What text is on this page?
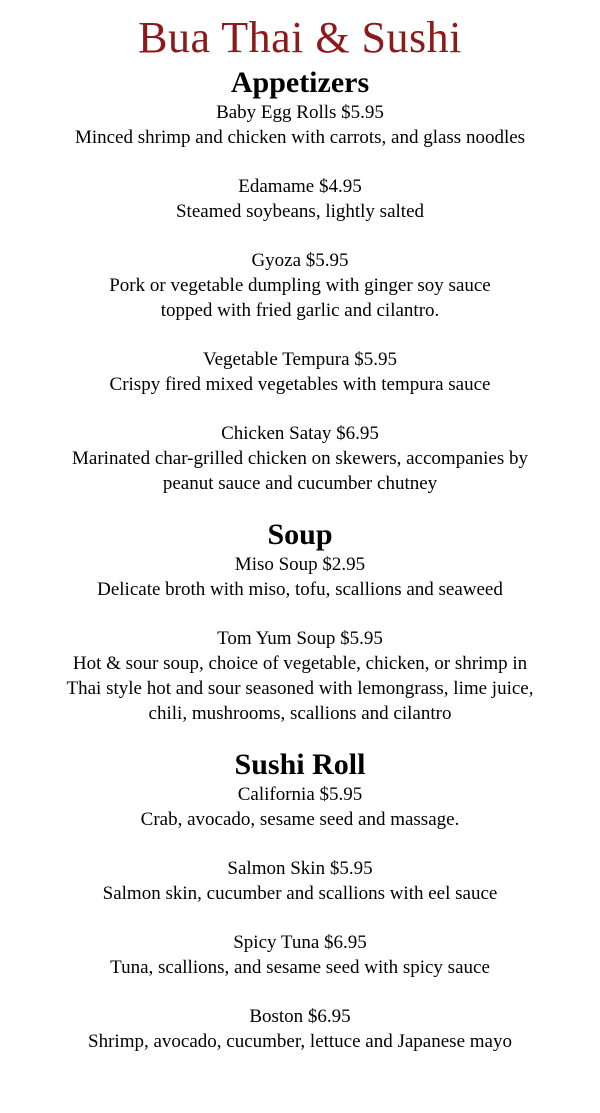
Bua Thai & Sushi
Appetizers
Baby Egg Rolls $5.95
Minced shrimp and chicken with carrots, and glass noodles
Edamame $4.95
Steamed soybeans, lightly salted
Gyoza $5.95
Pork or vegetable dumpling with ginger soy sauce
topped with fried garlic and cilantro.
Vegetable Tempura $5.95
Crispy fired mixed vegetables with tempura sauce
Chicken Satay $6.95
Marinated char-grilled chicken on skewers, accompanies by
peanut sauce and cucumber chutney
Soup
Miso Soup $2.95
Delicate broth with miso, tofu, scallions and seaweed
Tom Yum Soup $5.95
Hot & sour soup, choice of vegetable, chicken, or shrimp in
Thai style hot and sour seasoned with lemongrass, lime juice,
chili, mushrooms, scallions and cilantro
Sushi Roll
California $5.95
Crab, avocado, sesame seed and massage.
Salmon Skin $5.95
Salmon skin, cucumber and scallions with eel sauce
Spicy Tuna $6.95
Tuna, scallions, and sesame seed with spicy sauce
Boston $6.95
Shrimp, avocado, cucumber, lettuce and Japanese mayo
